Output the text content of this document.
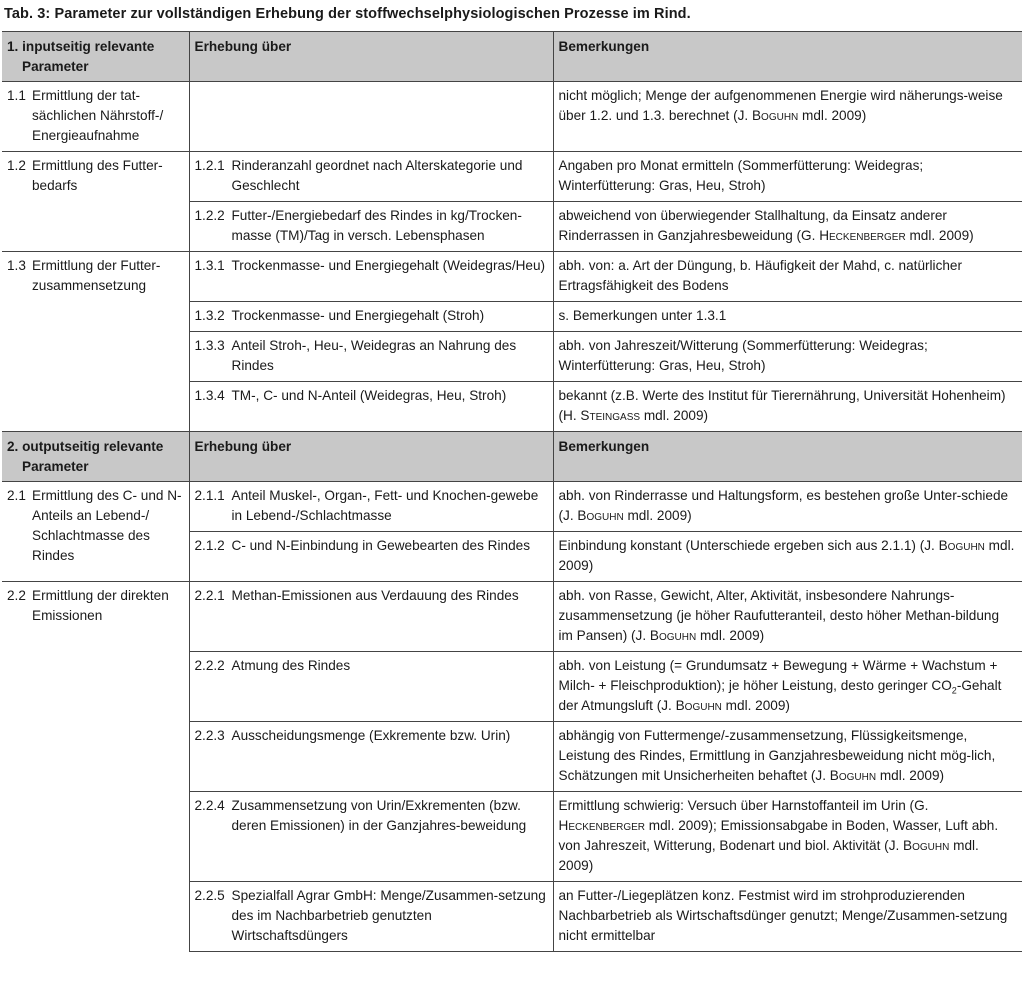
Tab. 3: Parameter zur vollständigen Erhebung der stoffwechselphysiologischen Prozesse im Rind.
1. inputseitig relevante
Parameter	Erhebung über	Bemerkungen

1.1 Ermittlung der tat-sächlichen Nährstoff-/ Energieaufnahme		nicht möglich; Menge der aufgenommenen Energie wird näherungs-weise über 1.2. und 1.3. berechnet (J. Boguhn mdl. 2009)

1.2 Ermittlung des Futter-bedarfs	1.2.1 Rinderanzahl geordnet nach Alterskategorie und Geschlecht	Angaben pro Monat ermitteln (Sommerfütterung: Weidegras; Winterfütterung: Gras, Heu, Stroh)

	1.2.2 Futter-/Energiebedarf des Rindes in kg/Trocken-masse (TM)/Tag in versch. Lebensphasen	abweichend von überwiegender Stallhaltung, da Einsatz anderer Rinderrassen in Ganzjahresbeweidung (G. Heckenberger mdl. 2009)

1.3 Ermittlung der Futter-zusammensetzung	1.3.1 Trockenmasse- und Energiegehalt (Weidegras/Heu)	abh. von: a. Art der Düngung, b. Häufigkeit der Mahd, c. natürlicher Ertragsfähigkeit des Bodens

	1.3.2 Trockenmasse- und Energiegehalt (Stroh)	s. Bemerkungen unter 1.3.1

	1.3.3 Anteil Stroh-, Heu-, Weidegras an Nahrung des Rindes	abh. von Jahreszeit/Witterung (Sommerfütterung: Weidegras; Winterfütterung: Gras, Heu, Stroh)

	1.3.4 TM-, C- und N-Anteil (Weidegras, Heu, Stroh)	bekannt (z.B. Werte des Institut für Tierernährung, Universität Hohenheim) (H. Steingass mdl. 2009)

2. outputseitig relevante
Parameter	Erhebung über	Bemerkungen

2.1 Ermittlung des C- und N-Anteils an Lebend-/ Schlachtmasse des Rindes	2.1.1 Anteil Muskel-, Organ-, Fett- und Knochen-gewebe in Lebend-/Schlachtmasse	abh. von Rinderrasse und Haltungsform, es bestehen große Unter-schiede (J. Boguhn mdl. 2009)

	2.1.2 C- und N-Einbindung in Gewebearten des Rindes	Einbindung konstant (Unterschiede ergeben sich aus 2.1.1) (J. Boguhn mdl. 2009)

2.2 Ermittlung der direkten Emissionen	2.2.1 Methan-Emissionen aus Verdauung des Rindes	abh. von Rasse, Gewicht, Alter, Aktivität, insbesondere Nahrungs-zusammensetzung (je höher Raufutteranteil, desto höher Methan-bildung im Pansen) (J. Boguhn mdl. 2009)

	2.2.2 Atmung des Rindes	abh. von Leistung (= Grundumsatz + Bewegung + Wärme + Wachstum + Milch- + Fleischproduktion); je höher Leistung, desto geringer $CO_2$-Gehalt der Atmungsluft (J. Boguhn mdl. 2009)

	2.2.3 Ausscheidungsmenge (Exkremente bzw. Urin)	abhängig von Futtermenge/-zusammensetzung, Flüssigkeitsmenge, Leistung des Rindes, Ermittlung in Ganzjahresbeweidung nicht mög-lich, Schätzungen mit Unsicherheiten behaftet (J. Boguhn mdl. 2009)

	2.2.4 Zusammensetzung von Urin/Exkrementen (bzw. deren Emissionen) in der Ganzjahres-beweidung	Ermittlung schwierig: Versuch über Harnstoffanteil im Urin (G. Heckenberger mdl. 2009); Emissionsabgabe in Boden, Wasser, Luft abh. von Jahreszeit, Witterung, Bodenart und biol. Aktivität (J. Boguhn mdl. 2009)

	2.2.5 Spezialfall Agrar GmbH: Menge/Zusammen-setzung des im Nachbarbetrieb genutzten Wirtschaftsdüngers	an Futter-/Liegeplätzen konz. Festmist wird im strohproduzierenden Nachbarbetrieb als Wirtschaftsdünger genutzt; Menge/Zusammen-setzung nicht ermittelbar
